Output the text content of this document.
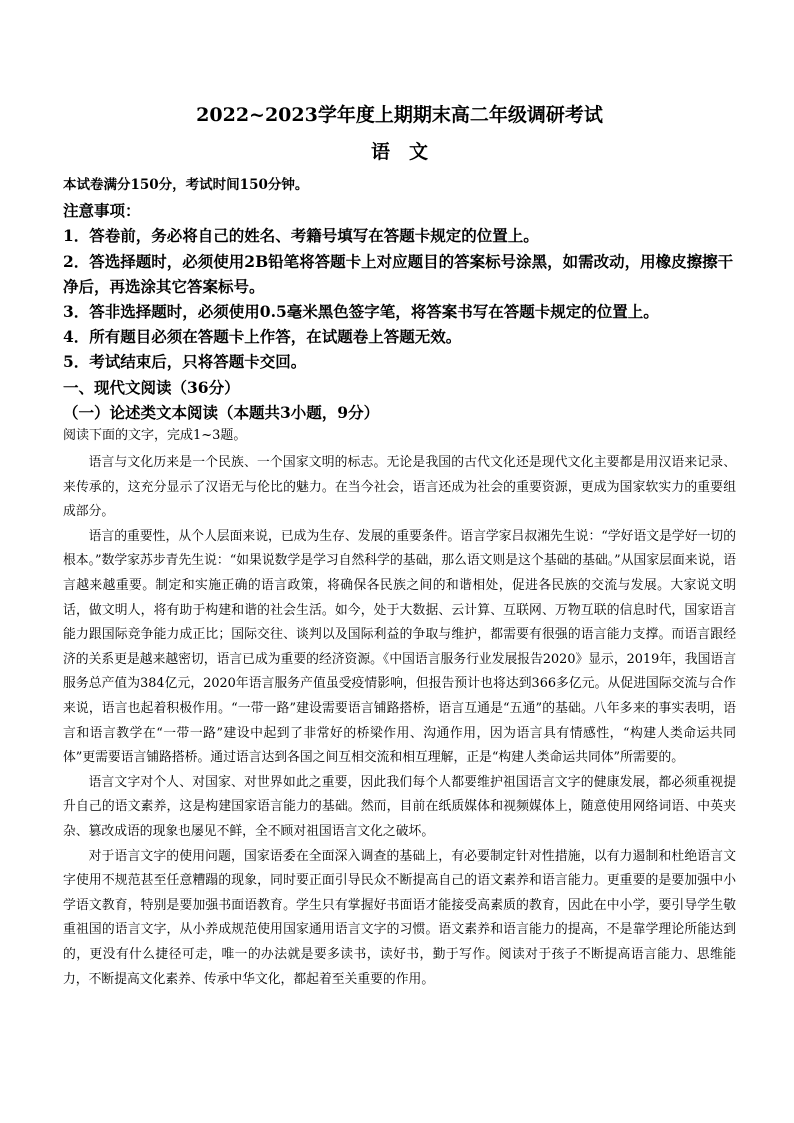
2022~2023学年度上期期末高二年级调研考试
语　文

本试卷满分150分，考试时间150分钟。

注意事项：

1．答卷前，务必将自己的姓名、考籍号填写在答题卡规定的位置上。

2．答选择题时，必须使用2B铅笔将答题卡上对应题目的答案标号涂黑，如需改动，用橡皮擦擦干净后，再选涂其它答案标号。

3．答非选择题时，必须使用0.5毫米黑色签字笔，将答案书写在答题卡规定的位置上。

4．所有题目必须在答题卡上作答，在试题卷上答题无效。

5．考试结束后，只将答题卡交回。

一、现代文阅读（36分）

（一）论述类文本阅读（本题共3小题，9分）

阅读下面的文字，完成1~3题。

语言与文化历来是一个民族、一个国家文明的标志。无论是我国的古代文化还是现代文化主要都是用汉语来记录、来传承的，这充分显示了汉语无与伦比的魅力。在当今社会，语言还成为社会的重要资源，更成为国家软实力的重要组成部分。

语言的重要性，从个人层面来说，已成为生存、发展的重要条件。语言学家吕叔湘先生说：“学好语文是学好一切的根本。”数学家苏步青先生说：“如果说数学是学习自然科学的基础，那么语文则是这个基础的基础。”从国家层面来说，语言越来越重要。制定和实施正确的语言政策，将确保各民族之间的和谐相处，促进各民族的交流与发展。大家说文明话，做文明人，将有助于构建和谐的社会生活。如今，处于大数据、云计算、互联网、万物互联的信息时代，国家语言能力跟国际竞争能力成正比；国际交往、谈判以及国际利益的争取与维护，都需要有很强的语言能力支撑。而语言跟经济的关系更是越来越密切，语言已成为重要的经济资源。《中国语言服务行业发展报告2020》显示，2019年，我国语言服务总产值为384亿元，2020年语言服务产值虽受疫情影响，但报告预计也将达到366多亿元。从促进国际交流与合作来说，语言也起着积极作用。“一带一路”建设需要语言铺路搭桥，语言互通是“五通”的基础。八年多来的事实表明，语言和语言教学在“一带一路”建设中起到了非常好的桥梁作用、沟通作用，因为语言具有情感性，“构建人类命运共同体”更需要语言铺路搭桥。通过语言达到各国之间互相交流和相互理解，正是“构建人类命运共同体”所需要的。

语言文字对个人、对国家、对世界如此之重要，因此我们每个人都要维护祖国语言文字的健康发展，都必须重视提升自己的语文素养，这是构建国家语言能力的基础。然而，目前在纸质媒体和视频媒体上，随意使用网络词语、中英夹杂、篡改成语的现象也屡见不鲜，全不顾对祖国语言文化之破坏。

对于语言文字的使用问题，国家语委在全面深入调查的基础上，有必要制定针对性措施，以有力遏制和杜绝语言文字使用不规范甚至任意糟蹋的现象，同时要正面引导民众不断提高自己的语文素养和语言能力。更重要的是要加强中小学语文教育，特别是要加强书面语教育。学生只有掌握好书面语才能接受高素质的教育，因此在中小学，要引导学生敬重祖国的语言文字，从小养成规范使用国家通用语言文字的习惯。语文素养和语言能力的提高，不是靠学理论所能达到的，更没有什么捷径可走，唯一的办法就是要多读书，读好书，勤于写作。阅读对于孩子不断提高语言能力、思维能力，不断提高文化素养、传承中华文化，都起着至关重要的作用。
